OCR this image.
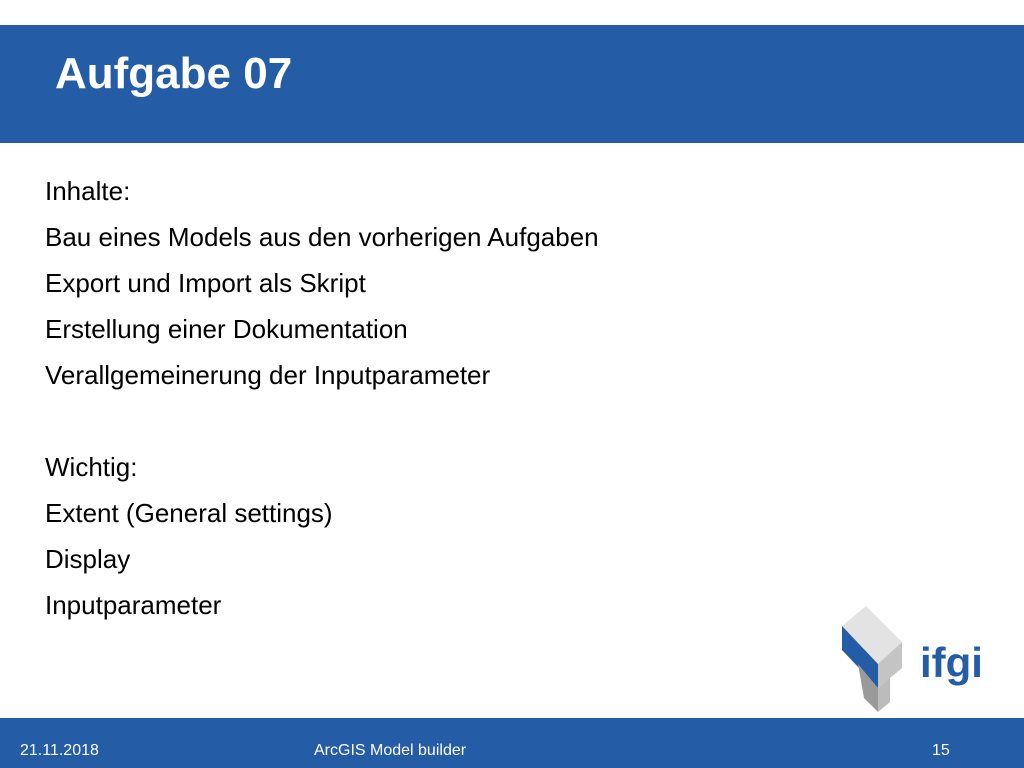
Aufgabe 07
Inhalte:
Bau eines Models aus den vorherigen Aufgaben
Export und Import als Skript
Erstellung einer Dokumentation
Verallgemeinerung der Inputparameter
Wichtig:
Extent (General settings)
Display
Inputparameter
ifgi
21.11.2018	ArcGIS Model builder	15
